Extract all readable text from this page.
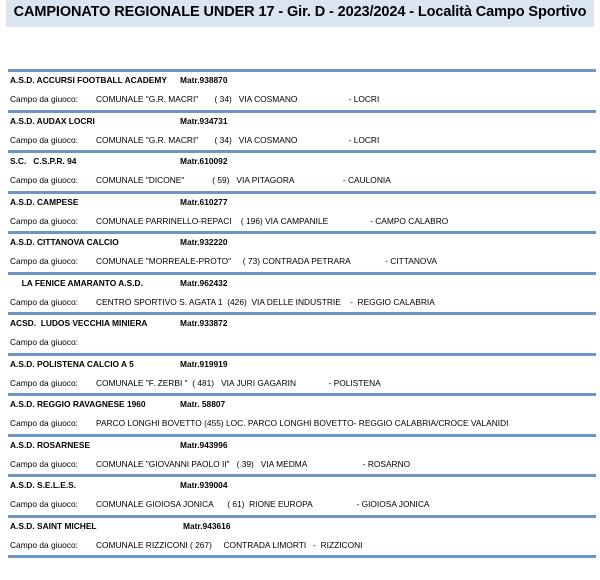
CAMPIONATO REGIONALE UNDER 17 - Gir. D - 2023/2024 - Località Campo Sportivo
A.S.D. ACCURSI FOOTBALL ACADEMY Matr.938870

Campo da giuoco:

COMUNALE "G.R. MACRI"       ( 34)   VIA COSMANO                      - LOCRI

A.S.D. AUDAX LOCRI	Matr.934731

Campo da giuoco:

COMUNALE "G.R. MACRI"       ( 34)   VIA COSMANO                      - LOCRI

S.C.   C.S.P.R. 94	Matr.610092

Campo da giuoco:

COMUNALE "DICONE"            ( 59)   VIA PITAGORA                     - CAULONIA

A.S.D. CAMPESE	Matr.610277

Campo da giuoco:

COMUNALE PARRINELLO-REPACI    ( 196) VIA CAMPANILE                  - CAMPO CALABRO

A.S.D. CITTANOVA CALCIO	Matr.932220

Campo da giuoco:

COMUNALE "MORREALE-PROTO"     ( 73) CONTRADA PETRARA               - CITTANOVA

LA FENICE AMARANTO A.S.D.	Matr.962432

Campo da giuoco:

CENTRO SPORTIVO S. AGATA 1  (426)  VIA DELLE INDUSTRIE    -  REGGIO CALABRIA

ACSD.  LUDOS VECCHIA MINIERA	Matr.933872

Campo da giuoco:

A.S.D. POLISTENA CALCIO A 5	Matr.919919

Campo da giuoco:

COMUNALE "F. ZERBI "  ( 481)   VIA JURI GAGARIN              - POLISTENA

A.S.D. REGGIO RAVAGNESE 1960	Matr. 58807

Campo da giuoco:

PARCO LONGHI BOVETTO (455) LOC. PARCO LONGHI BOVETTO- REGGIO CALABRIA/CROCE VALANIDI

A.S.D. ROSARNESE	Matr.943996

Campo da giuoco:

COMUNALE "GIOVANNI PAOLO II"   ( 39)   VIA MEDMA                        - ROSARNO

A.S.D. S.E.L.E.S.	Matr.939004

Campo da giuoco:

COMUNALE GIOIOSA JONICA      ( 61)  RIONE EUROPA                   - GIOIOSA JONICA

A.S.D. SAINT MICHEL	Matr.943616

Campo da giuoco:

COMUNALE RIZZICONI ( 267)     CONTRADA LIMORTI   -  RIZZICONI
